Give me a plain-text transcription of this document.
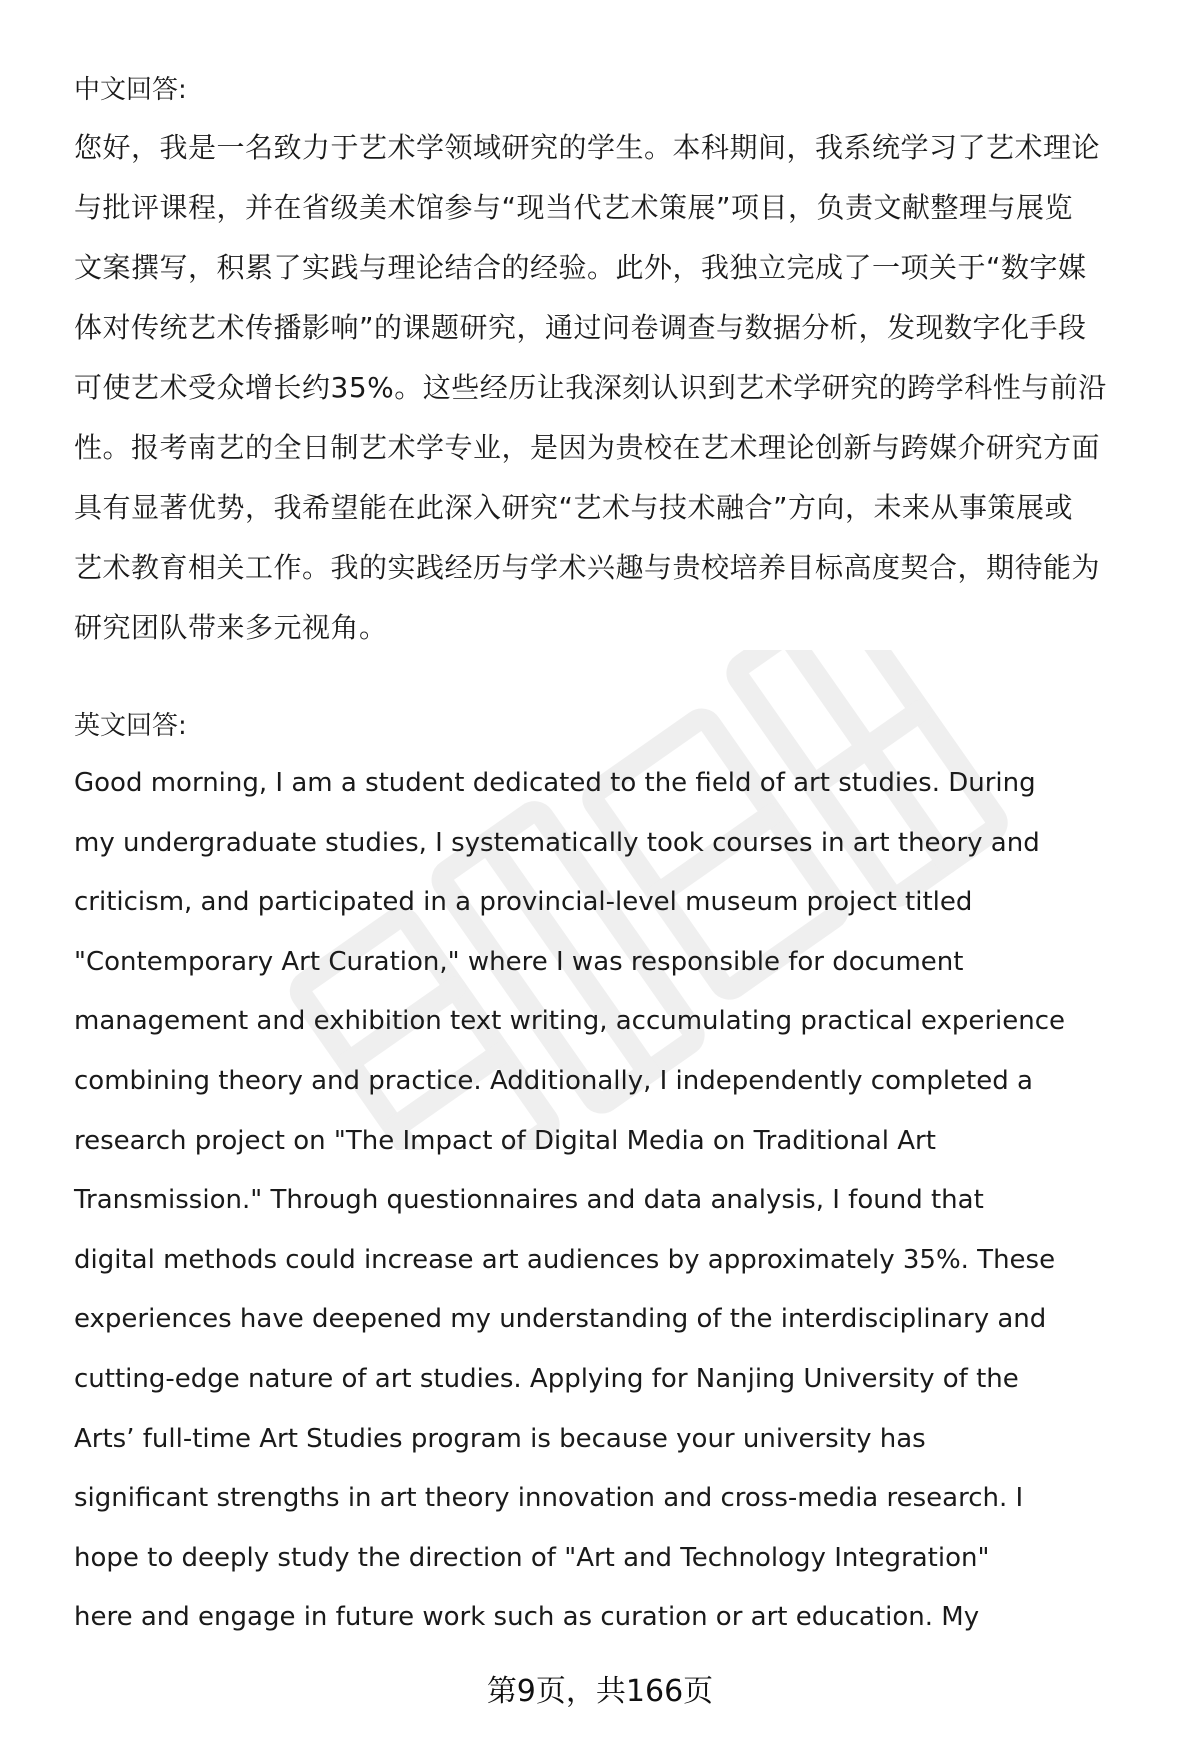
中文回答:

您好，我是一名致力于艺术学领域研究的学生。本科期间，我系统学习了艺术理论
与批评课程，并在省级美术馆参与“现当代艺术策展”项目，负责文献整理与展览
文案撰写，积累了实践与理论结合的经验。此外，我独立完成了一项关于“数字媒
体对传统艺术传播影响”的课题研究，通过问卷调查与数据分析，发现数字化手段
可使艺术受众增长约35%。这些经历让我深刻认识到艺术学研究的跨学科性与前沿
性。报考南艺的全日制艺术学专业，是因为贵校在艺术理论创新与跨媒介研究方面
具有显著优势，我希望能在此深入研究“艺术与技术融合”方向，未来从事策展或
艺术教育相关工作。我的实践经历与学术兴趣与贵校培养目标高度契合，期待能为
研究团队带来多元视角。

英文回答:

Good morning, I am a student dedicated to the field of art studies. During
my undergraduate studies, I systematically took courses in art theory and
criticism, and participated in a provincial-level museum project titled
"Contemporary Art Curation," where I was responsible for document
management and exhibition text writing, accumulating practical experience
combining theory and practice. Additionally, I independently completed a
research project on "The Impact of Digital Media on Traditional Art
Transmission." Through questionnaires and data analysis, I found that
digital methods could increase art audiences by approximately 35%. These
experiences have deepened my understanding of the interdisciplinary and
cutting-edge nature of art studies. Applying for Nanjing University of the
Arts’ full-time Art Studies program is because your university has
significant strengths in art theory innovation and cross-media research. I
hope to deeply study the direction of "Art and Technology Integration"
here and engage in future work such as curation or art education. My
第9页，共166页
